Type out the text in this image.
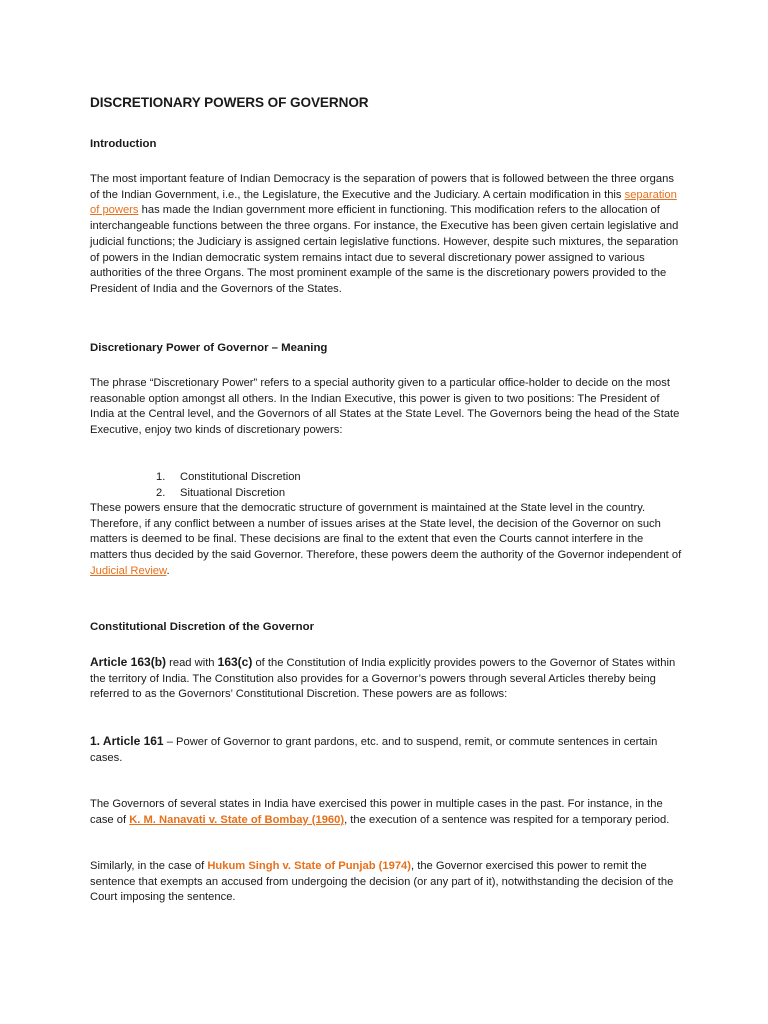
DISCRETIONARY POWERS OF GOVERNOR
Introduction

The most important feature of Indian Democracy is the separation of powers that is followed between the three organs of the Indian Government, i.e., the Legislature, the Executive and the Judiciary. A certain modification in this separation of powers has made the Indian government more efficient in functioning. This modification refers to the allocation of interchangeable functions between the three organs. For instance, the Executive has been given certain legislative and judicial functions; the Judiciary is assigned certain legislative functions. However, despite such mixtures, the separation of powers in the Indian democratic system remains intact due to several discretionary power assigned to various authorities of the three Organs. The most prominent example of the same is the discretionary powers provided to the President of India and the Governors of the States.

Discretionary Power of Governor – Meaning

The phrase “Discretionary Power” refers to a special authority given to a particular office-holder to decide on the most reasonable option amongst all others. In the Indian Executive, this power is given to two positions: The President of India at the Central level, and the Governors of all States at the State Level. The Governors being the head of the State Executive, enjoy two kinds of discretionary powers:

1.	Constitutional Discretion
2.	Situational Discretion

These powers ensure that the democratic structure of government is maintained at the State level in the country. Therefore, if any conflict between a number of issues arises at the State level, the decision of the Governor on such matters is deemed to be final. These decisions are final to the extent that even the Courts cannot interfere in the matters thus decided by the said Governor. Therefore, these powers deem the authority of the Governor independent of Judicial Review.

Constitutional Discretion of the Governor

Article 163(b) read with 163(c) of the Constitution of India explicitly provides powers to the Governor of States within the territory of India. The Constitution also provides for a Governor’s powers through several Articles thereby being referred to as the Governors’ Constitutional Discretion. These powers are as follows:

1. Article 161 – Power of Governor to grant pardons, etc. and to suspend, remit, or commute sentences in certain cases.

The Governors of several states in India have exercised this power in multiple cases in the past. For instance, in the case of K. M. Nanavati v. State of Bombay (1960), the execution of a sentence was respited for a temporary period.

Similarly, in the case of Hukum Singh v. State of Punjab (1974), the Governor exercised this power to remit the sentence that exempts an accused from undergoing the decision (or any part of it), notwithstanding the decision of the Court imposing the sentence.
